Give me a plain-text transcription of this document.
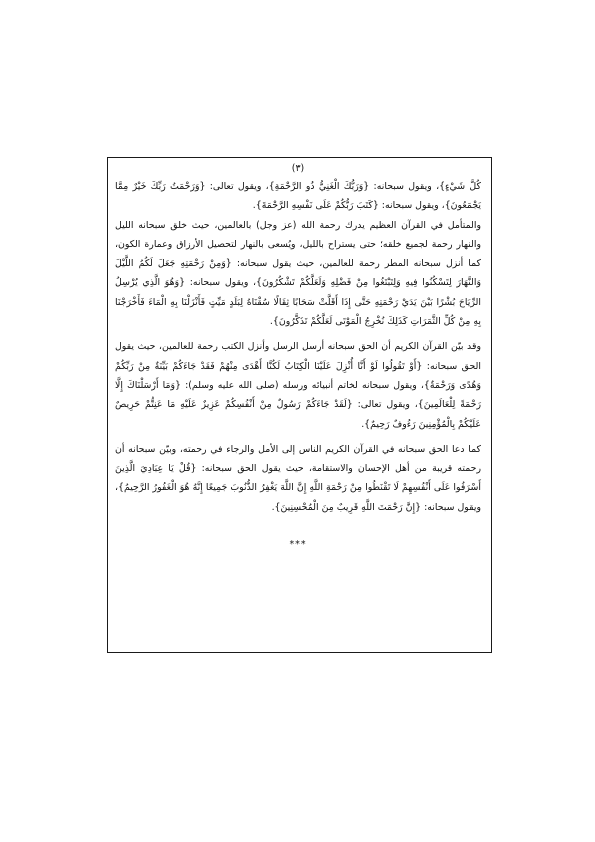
(٣)

كُلَّ شَيْءٍ}، ويقول سبحانه: {وَرَبُّكَ الْغَنِيُّ ذُو الرَّحْمَةِ}، ويقول تعالى: {وَرَحْمَتُ رَبِّكَ خَيْرٌ مِمَّا يَجْمَعُونَ}، ويقول سبحانه: {كَتَبَ رَبُّكُمْ عَلَى نَفْسِهِ الرَّحْمَةَ}.

والمتأمل في القرآن العظيم يدرك رحمة الله (عز وجل) بالعالمين، حيث خلق سبحانه الليل والنهار رحمة لجميع خلقه؛ حتى يستراح بالليل، ويُسعى بالنهار لتحصيل الأرزاق وعمارة الكون، كما أنزل سبحانه المطر رحمة للعالمين، حيث يقول سبحانه: {وَمِنْ رَحْمَتِهِ جَعَلَ لَكُمُ اللَّيْلَ وَالنَّهَارَ لِتَسْكُنُوا فِيهِ وَلِتَبْتَغُوا مِنْ فَضْلِهِ وَلَعَلَّكُمْ تَشْكُرُونَ}، ويقول سبحانه: {وَهُوَ الَّذِي يُرْسِلُ الرِّيَاحَ بُشْرًا بَيْنَ يَدَيْ رَحْمَتِهِ حَتَّى إِذَا أَقَلَّتْ سَحَابًا ثِقَالًا سُقْنَاهُ لِبَلَدٍ مَيِّتٍ فَأَنْزَلْنَا بِهِ الْمَاءَ فَأَخْرَجْنَا بِهِ مِنْ كُلِّ الثَّمَرَاتِ كَذَلِكَ نُخْرِجُ الْمَوْتَى لَعَلَّكُمْ تَذَكَّرُونَ}.

وقد بيّن القرآن الكريم أن الحق سبحانه أرسل الرسل وأنزل الكتب رحمة للعالمين، حيث يقول الحق سبحانه: {أَوْ تَقُولُوا لَوْ أَنَّا أُنْزِلَ عَلَيْنَا الْكِتَابُ لَكُنَّا أَهْدَى مِنْهُمْ فَقَدْ جَاءَكُمْ بَيِّنَةٌ مِنْ رَبِّكُمْ وَهُدًى وَرَحْمَةٌ}، ويقول سبحانه لخاتم أنبيائه ورسله (صلى الله عليه وسلم): {وَمَا أَرْسَلْنَاكَ إِلَّا رَحْمَةً لِلْعَالَمِينَ}، ويقول تعالى: {لَقَدْ جَاءَكُمْ رَسُولٌ مِنْ أَنْفُسِكُمْ عَزِيزٌ عَلَيْهِ مَا عَنِتُّمْ حَرِيصٌ عَلَيْكُمْ بِالْمُؤْمِنِينَ رَءُوفٌ رَحِيمٌ}.

كما دعا الحق سبحانه في القرآن الكريم الناس إلى الأمل والرجاء في رحمته، وبيّن سبحانه أن رحمته قريبة من أهل الإحسان والاستقامة، حيث يقول الحق سبحانه: {قُلْ يَا عِبَادِيَ الَّذِينَ أَسْرَفُوا عَلَى أَنْفُسِهِمْ لَا تَقْنَطُوا مِنْ رَحْمَةِ اللَّهِ إِنَّ اللَّهَ يَغْفِرُ الذُّنُوبَ جَمِيعًا إِنَّهُ هُوَ الْغَفُورُ الرَّحِيمُ}، ويقول سبحانه: {إِنَّ رَحْمَتَ اللَّهِ قَرِيبٌ مِنَ الْمُحْسِنِينَ}.

***
